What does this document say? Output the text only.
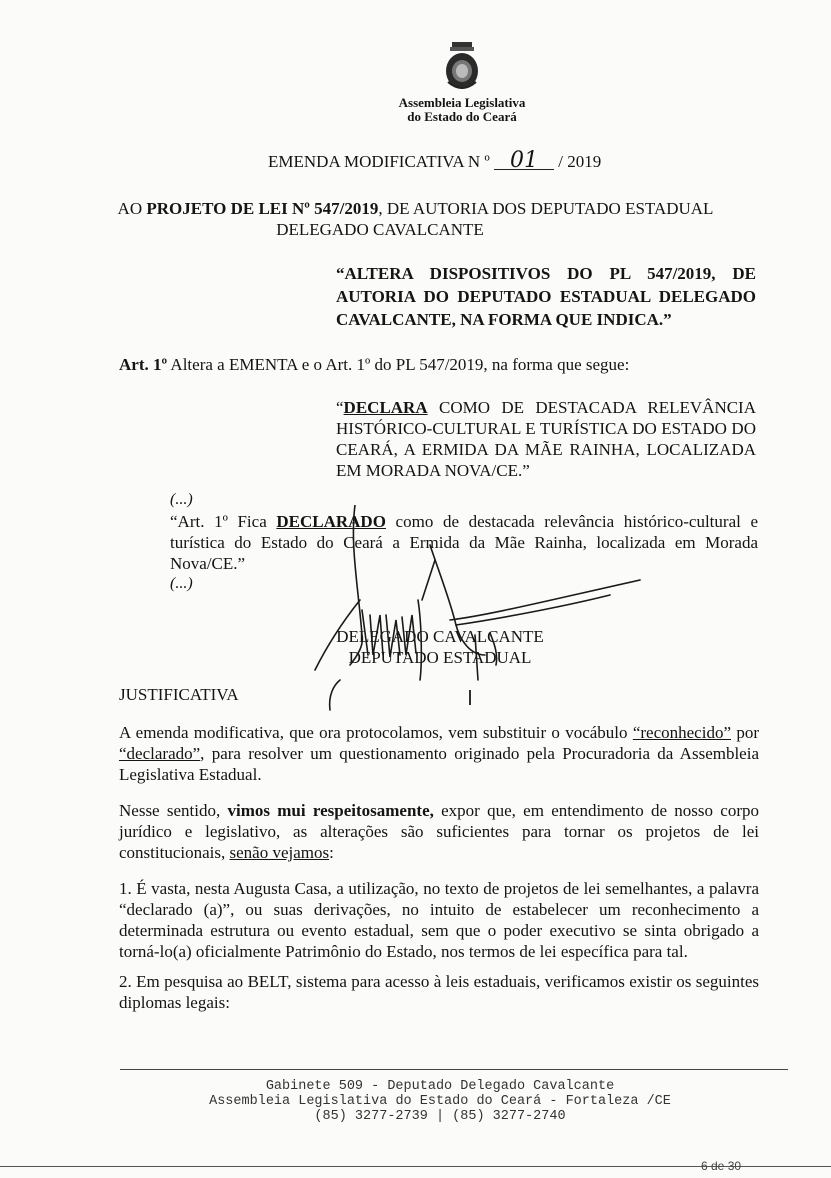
Assembleia Legislativa
do Estado do Ceará
EMENDA MODIFICATIVA N º 01 / 2019
AO PROJETO DE LEI Nº 547/2019, DE AUTORIA DOS DEPUTADO ESTADUAL
DELEGADO CAVALCANTE
“ALTERA DISPOSITIVOS DO PL 547/2019, DE AUTORIA DO DEPUTADO ESTADUAL DELEGADO CAVALCANTE, NA FORMA QUE INDICA.”
Art. 1º Altera a EMENTA e o Art. 1º do PL 547/2019, na forma que segue:
“DECLARA COMO DE DESTACADA RELEVÂNCIA HISTÓRICO-CULTURAL E TURÍSTICA DO ESTADO DO CEARÁ, A ERMIDA DA MÃE RAINHA, LOCALIZADA EM MORADA NOVA/CE.”
(...)
“Art. 1º Fica DECLARADO como de destacada relevância histórico-cultural e turística do Estado do Ceará a Ermida da Mãe Rainha, localizada em Morada Nova/CE.”
(...)
DELEGADO CAVALCANTE
DEPUTADO ESTADUAL
JUSTIFICATIVA
A emenda modificativa, que ora protocolamos, vem substituir o vocábulo “reconhecido” por “declarado”, para resolver um questionamento originado pela Procuradoria da Assembleia Legislativa Estadual.
Nesse sentido, vimos mui respeitosamente, expor que, em entendimento de nosso corpo jurídico e legislativo, as alterações são suficientes para tornar os projetos de lei constitucionais, senão vejamos:
1. É vasta, nesta Augusta Casa, a utilização, no texto de projetos de lei semelhantes, a palavra “declarado (a)”, ou suas derivações, no intuito de estabelecer um reconhecimento a determinada estrutura ou evento estadual, sem que o poder executivo se sinta obrigado a torná-lo(a) oficialmente Patrimônio do Estado, nos termos de lei específica para tal.
2. Em pesquisa ao BELT, sistema para acesso à leis estaduais, verificamos existir os seguintes diplomas legais:
Gabinete 509 - Deputado Delegado Cavalcante
Assembleia Legislativa do Estado do Ceará - Fortaleza /CE
(85) 3277-2739 | (85) 3277-2740
6 de 30
